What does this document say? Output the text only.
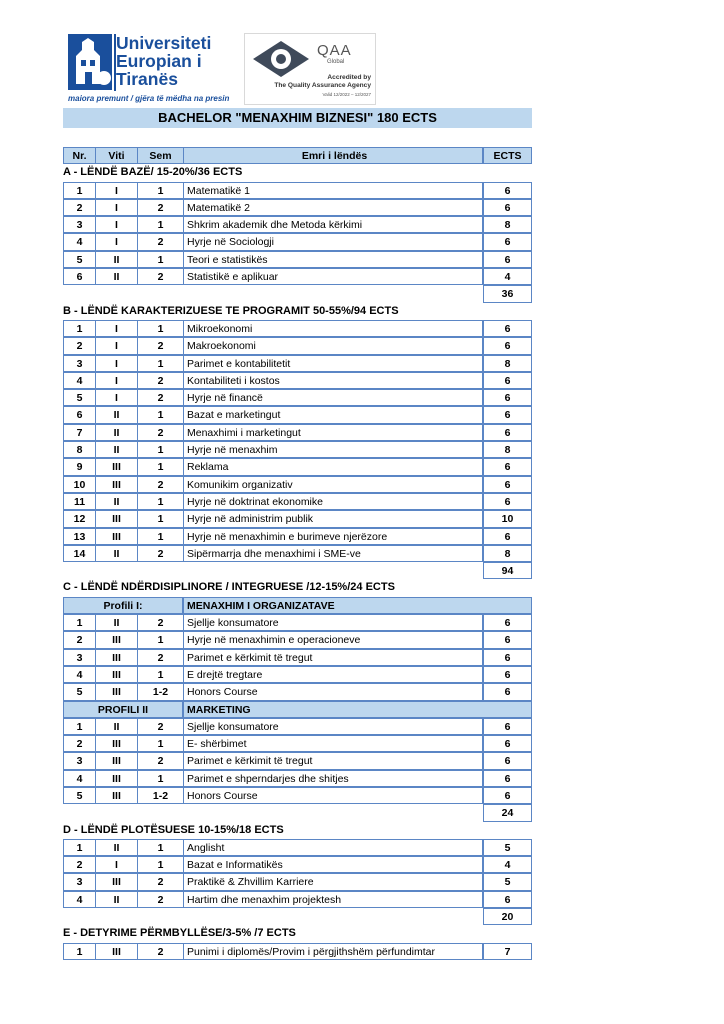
Universiteti
Europian i
Tiranës
maiora premunt / gjëra të mëdha na presin
QAA
Global
Accredited by
The Quality Assurance Agency
Valid 12/2022 – 12/2027
BACHELOR "MENAXHIM BIZNESI" 180 ECTS
Nr.	Viti	Sem	Emri i lëndës	ECTS
A - LËNDË BAZË/ 15-20%/36 ECTS
1	I	1	Matematikë 1	6
2	I	2	Matematikë 2	6
3	I	1	Shkrim akademik dhe Metoda kërkimi	8
4	I	2	Hyrje në Sociologji	6
5	II	1	Teori e statistikës	6
6	II	2	Statistikë e aplikuar	4
36
B - LËNDË KARAKTERIZUESE TE PROGRAMIT 50-55%/94 ECTS
1	I	1	Mikroekonomi	6
2	I	2	Makroekonomi	6
3	I	1	Parimet e kontabilitetit	8
4	I	2	Kontabiliteti i kostos	6
5	I	2	Hyrje në financë	6
6	II	1	Bazat e marketingut	6
7	II	2	Menaxhimi i marketingut	6
8	II	1	Hyrje në menaxhim	8
9	III	1	Reklama	6
10	III	2	Komunikim organizativ	6
11	II	1	Hyrje në doktrinat ekonomike	6
12	III	1	Hyrje në administrim publik	10
13	III	1	Hyrje në menaxhimin e burimeve njerëzore	6
14	II	2	Sipërmarrja dhe menaxhimi i SME-ve	8
94
C - LËNDË NDËRDISIPLINORE / INTEGRUESE /12-15%/24 ECTS
Profili I:	MENAXHIM I ORGANIZATAVE
1	II	2	Sjellje konsumatore	6
2	III	1	Hyrje në menaxhimin e operacioneve	6
3	III	2	Parimet e kërkimit të tregut	6
4	III	1	E drejtë tregtare	6
5	III	1-2	Honors Course	6
PROFILI II	MARKETING
1	II	2	Sjellje konsumatore	6
2	III	1	E- shërbimet	6
3	III	2	Parimet e kërkimit të tregut	6
4	III	1	Parimet e shperndarjes dhe shitjes	6
5	III	1-2	Honors Course	6
24
D - LËNDË PLOTËSUESE 10-15%/18 ECTS
1	II	1	Anglisht	5
2	I	1	Bazat e Informatikës	4
3	III	2	Praktikë & Zhvillim Karriere	5
4	II	2	Hartim dhe menaxhim projektesh	6
20
E - DETYRIME PËRMBYLLËSE/3-5% /7 ECTS
1	III	2	Punimi i diplomës/Provim i përgjithshëm përfundimtar	7
